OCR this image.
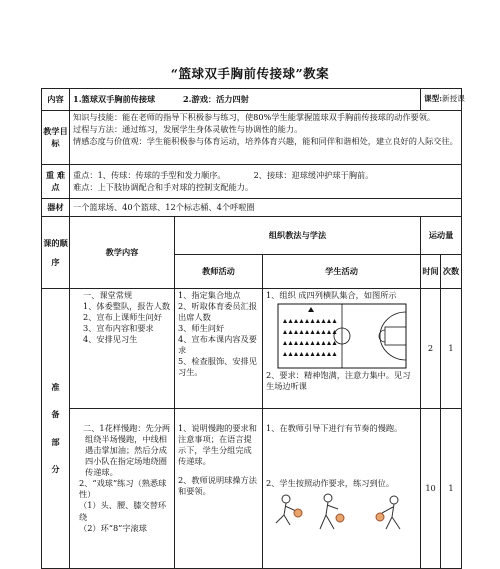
“篮球双手胸前传接球”教案
内容	1.篮球双手胸前传接球 2.游戏：活力四射			课型:新授课	
教学目标	知识与技能：能在老师的指导下积极参与练习，使80%学生能掌握篮球双手胸前传接球的动作要领。
过程与方法：通过练习，发展学生身体灵敏性与协调性的能力。
情感态度与价值观：学生能积极参与体育运动，培养体育兴趣，能和同伴和谐相处，建立良好的人际交往。				

重 难 点	重点：1、传球：传球的手型和发力顺序。 2、接球：迎球缓冲护球于胸前。
难点：上下肢协调配合和手对球的控制支配能力。				

器材	一个篮球场、40个篮球、12个标志桶、4个呼啦圈				
课的顺序	教学内容	组织教法与学法		运动量	
		教师活动	学生活动	时间	次数
准
备
部
分	一、课堂常规
1、体委整队，报告人数
2、宣布上课师生问好
3、宣布内容和要求
4、安排见习生	1、指定集合地点
2、听取体育委员汇报出席人数
3、师生问好
4、宣布本课内容及要求
5、检查服饰、安排见习生。	1、组织 成四列横队集合，如图所示
2、要求：精神饱满，注意力集中。见习生场边听课	2	1

	二、1花样慢跑：先分两组绕半场慢跑，中线相遇击掌加油；然后分成四小队在指定场地绕圈传递球。
2、“戏球”练习（熟悉球性）
（1）头、腰、膝交替环绕
（2）环“8”字滚球	1、说明慢跑的要求和注意事项；在语言提示下，学生分组完成传递球。
2、教师说明球操方法和要领。	1、在教师引导下进行有节奏的慢跑。
2、学生按照动作要求，练习到位。	10	1
